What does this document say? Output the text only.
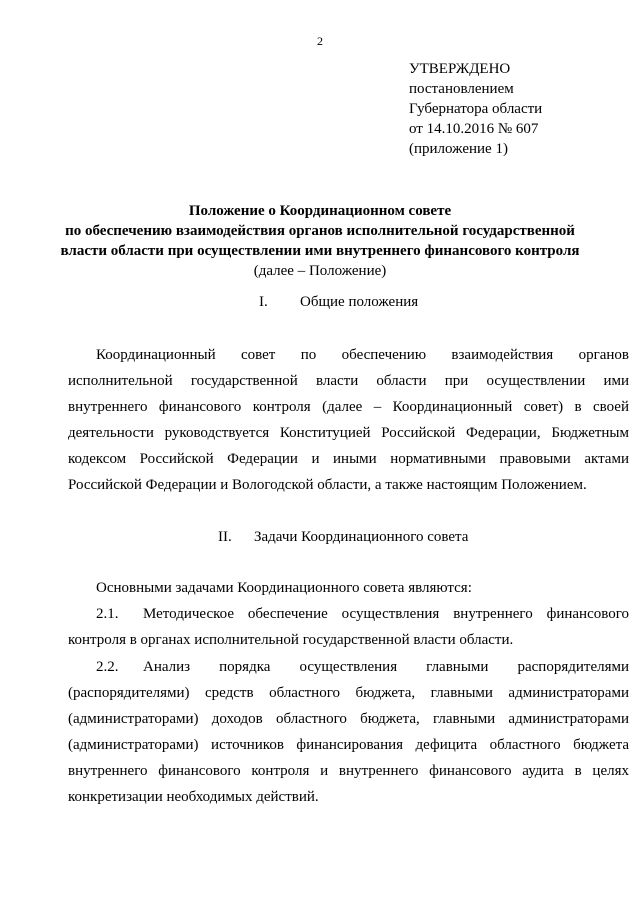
2
УТВЕРЖДЕНО
постановлением
Губернатора области
от 14.10.2016 № 607
(приложение 1)
Положение о Координационном совете
по обеспечению взаимодействия органов исполнительной государственной
власти области при осуществлении ими внутреннего финансового контроля
(далее – Положение)
I. Общие положения
Координационный совет по обеспечению взаимодействия органов
исполнительной государственной власти области при осуществлении ими
внутреннего финансового контроля (далее – Координационный совет) в своей
деятельности руководствуется Конституцией Российской Федерации, Бюджетным
кодексом Российской Федерации и иными нормативными правовыми актами
Российской Федерации и Вологодской области, а также настоящим Положением.
II. Задачи Координационного совета
Основными задачами Координационного совета являются:
2.1. Методическое обеспечение осуществления внутреннего финансового
контроля в органах исполнительной государственной власти области.
2.2. Анализ порядка осуществления главными распорядителями
(распорядителями) средств областного бюджета, главными администраторами
(администраторами) доходов областного бюджета, главными администраторами
(администраторами) источников финансирования дефицита областного бюджета
внутреннего финансового контроля и внутреннего финансового аудита в целях
конкретизации необходимых действий.
